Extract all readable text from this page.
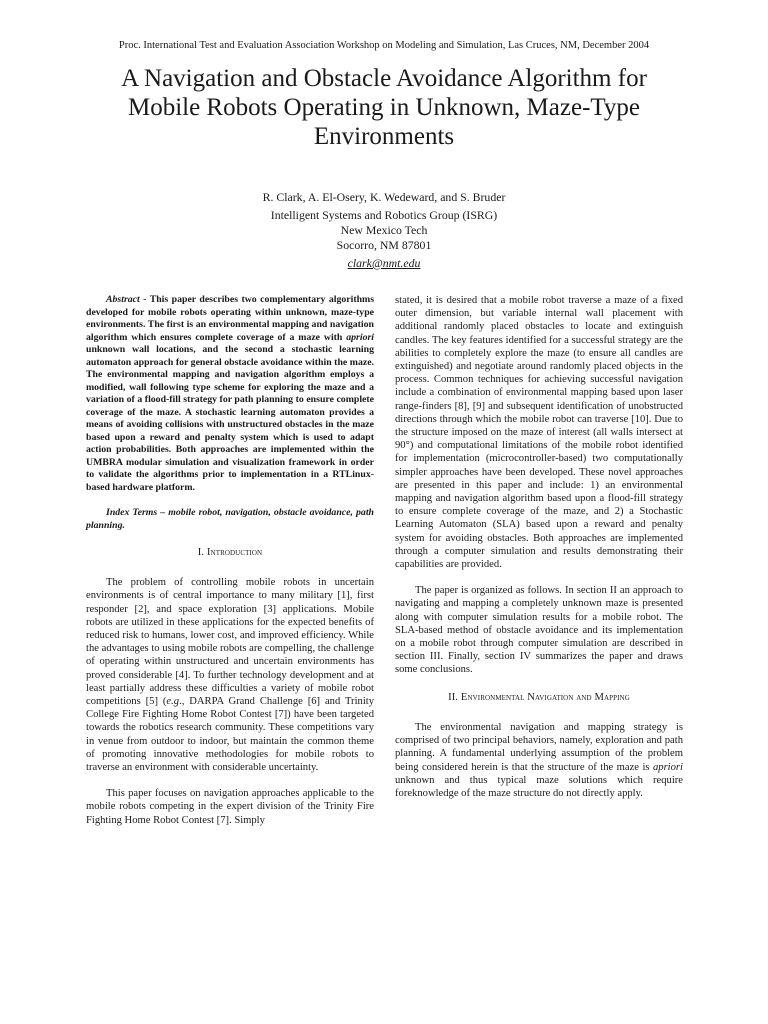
Proc. International Test and Evaluation Association Workshop on Modeling and Simulation, Las Cruces, NM, December 2004
A Navigation and Obstacle Avoidance Algorithm for
Mobile Robots Operating in Unknown, Maze-Type
Environments
R. Clark, A. El-Osery, K. Wedeward, and S. Bruder
Intelligent Systems and Robotics Group (ISRG)
New Mexico Tech
Socorro, NM 87801
clark@nmt.edu

Abstract - This paper describes two complementary algorithms developed for mobile robots operating within unknown, maze-type environments. The first is an environmental mapping and navigation algorithm which ensures complete coverage of a maze with apriori unknown wall locations, and the second a stochastic learning automaton approach for general obstacle avoidance within the maze. The environmental mapping and navigation algorithm employs a modified, wall following type scheme for exploring the maze and a variation of a flood-fill strategy for path planning to ensure complete coverage of the maze. A stochastic learning automaton provides a means of avoiding collisions with unstructured obstacles in the maze based upon a reward and penalty system which is used to adapt action probabilities. Both approaches are implemented within the UMBRA modular simulation and visualization framework in order to validate the algorithms prior to implementation in a RTLinux-based hardware platform.

Index Terms – mobile robot, navigation, obstacle avoidance, path planning.

I. Introduction

The problem of controlling mobile robots in uncertain environments is of central importance to many military [1], first responder [2], and space exploration [3] applications. Mobile robots are utilized in these applications for the expected benefits of reduced risk to humans, lower cost, and improved efficiency. While the advantages to using mobile robots are compelling, the challenge of operating within unstructured and uncertain environments has proved considerable [4]. To further technology development and at least partially address these difficulties a variety of mobile robot competitions [5] (e.g., DARPA Grand Challenge [6] and Trinity College Fire Fighting Home Robot Contest [7]) have been targeted towards the robotics research community. These competitions vary in venue from outdoor to indoor, but maintain the common theme of promoting innovative methodologies for mobile robots to traverse an environment with considerable uncertainty.

This paper focuses on navigation approaches applicable to the mobile robots competing in the expert division of the Trinity Fire Fighting Home Robot Contest [7]. Simply

stated, it is desired that a mobile robot traverse a maze of a fixed outer dimension, but variable internal wall placement with additional randomly placed obstacles to locate and extinguish candles. The key features identified for a successful strategy are the abilities to completely explore the maze (to ensure all candles are extinguished) and negotiate around randomly placed objects in the process. Common techniques for achieving successful navigation include a combination of environmental mapping based upon laser range-finders [8], [9] and subsequent identification of unobstructed directions through which the mobile robot can traverse [10]. Due to the structure imposed on the maze of interest (all walls intersect at 90°) and computational limitations of the mobile robot identified for implementation (microcontroller-based) two computationally simpler approaches have been developed. These novel approaches are presented in this paper and include: 1) an environmental mapping and navigation algorithm based upon a flood-fill strategy to ensure complete coverage of the maze, and 2) a Stochastic Learning Automaton (SLA) based upon a reward and penalty system for avoiding obstacles. Both approaches are implemented through a computer simulation and results demonstrating their capabilities are provided.

The paper is organized as follows. In section II an approach to navigating and mapping a completely unknown maze is presented along with computer simulation results for a mobile robot. The SLA-based method of obstacle avoidance and its implementation on a mobile robot through computer simulation are described in section III. Finally, section IV summarizes the paper and draws some conclusions.

II. Environmental Navigation and Mapping

The environmental navigation and mapping strategy is comprised of two principal behaviors, namely, exploration and path planning. A fundamental underlying assumption of the problem being considered herein is that the structure of the maze is apriori unknown and thus typical maze solutions which require foreknowledge of the maze structure do not directly apply.
